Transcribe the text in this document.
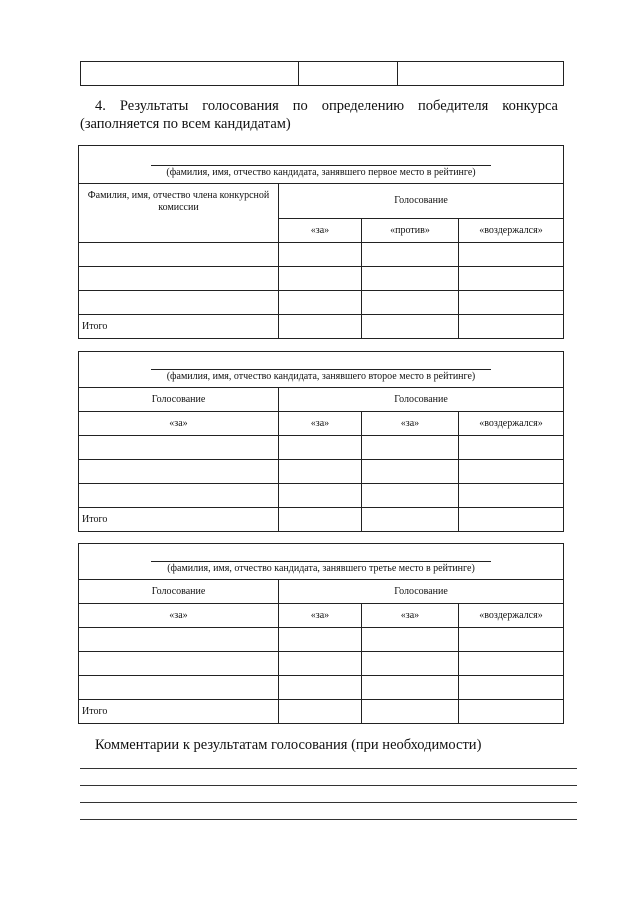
4. Результаты голосования по определению победителя конкурса
(заполняется по всем кандидатам)
(фамилия, имя, отчество кандидата, занявшего первое место в рейтинге)			

Фамилия, имя, отчество члена конкурсной комиссии	Голосование		
	«за»	«против»	«воздержался»

Итого			
(фамилия, имя, отчество кандидата, занявшего второе место в рейтинге)			

Голосование	Голосование		
«за»	«за»	«за»	«воздержался»

Итого			
(фамилия, имя, отчество кандидата, занявшего третье место в рейтинге)			

Голосование	Голосование		
«за»	«за»	«за»	«воздержался»

Итого			
Комментарии к результатам голосования (при необходимости)
